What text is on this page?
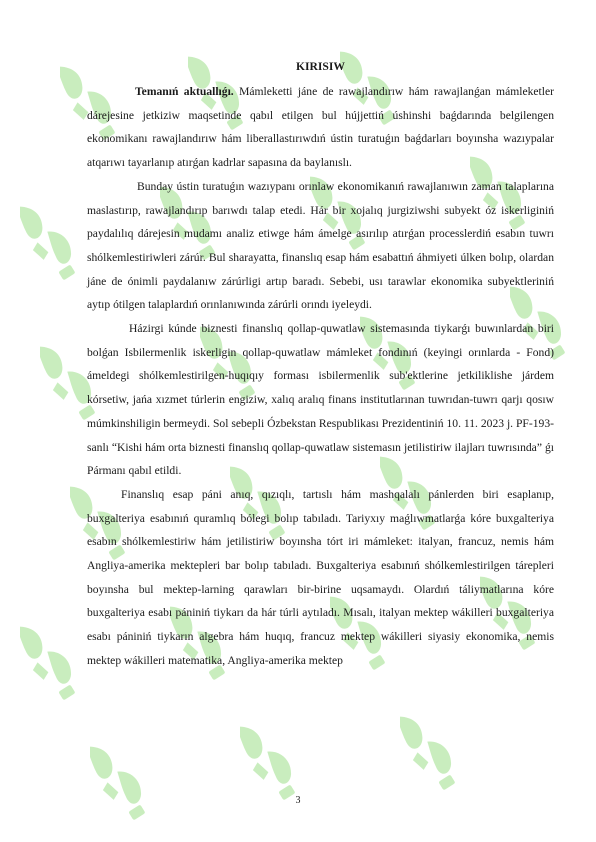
KIRISIW

Temanıń aktuallıǵı. Mámleketti jáne de rawajlandırıw hám rawajlanǵan mámleketler dárejesine jetkiziw maqsetinde qabıl etilgen bul hújjettiń úshinshi baǵdarında belgilengen ekonomikanı rawajlandırıw hám liberallastırıwdıń ústin turatuǵın baǵdarları boyınsha wazıypalar atqarıwı tayarlanıp atırǵan kadrlar sapasına da baylanıslı.

Bunday ústin turatuǵın wazıypanı orınlaw ekonomikanıń rawajlanıwın zaman talaplarına maslastırıp, rawajlandırıp barıwdı talap etedi. Hár bir xojalıq jurgiziwshi subyekt óz iskerliginiń paydalılıq dárejesin mudamı analiz etiwge hám ámelge asırılıp atırǵan processlerdiń esabın tuwrı shólkemlestiriwleri zárúr. Bul sharayatta, finanslıq esap hám esabattıń áhmiyeti úlken bolıp, olardan jáne de ónimli paydalanıw zárúrligi artıp baradı. Sebebi, usı tarawlar ekonomika subyektleriniń aytıp ótilgen talaplardıń orınlanıwında zárúrli orındı iyeleydi.

Házirgi kúnde biznesti finanslıq qollap-quwatlaw sistemasında tiykarǵı buwınlardan biri bolǵan Isbilermenlik iskerligin qollap-quwatlaw mámleket fondınıń (keyingi orınlarda - Fond) ámeldegi shólkemlestirilgen-huqıqıy forması isbilermenlik sub'ektlerine jetkiliklishe járdem kórsetiw, jańa xızmet túrlerin engiziw, xalıq aralıq finans institutlarınan tuwrıdan-tuwrı qarjı qosıw múmkinshiligin bermeydi. Sol sebepli Ózbekstan Respublikası Prezidentiniń 10. 11. 2023 j. PF-193-sanlı “Kishi hám orta biznesti finanslıq qollap-quwatlaw sistemasın jetilistiriw ilajları tuwrısında” ǵı Pármanı qabıl etildi.

Finanslıq esap páni anıq, qızıqlı, tartıslı hám mashqalalı pánlerden biri esaplanıp, buxgalteriya esabınıń quramlıq bólegi bolıp tabıladı. Tariyxıy maǵlıwmatlarǵa kóre buxgalteriya esabın shólkemlestiriw hám jetilistiriw boyınsha tórt iri mámleket: italyan, francuz, nemis hám Angliya-amerika mektepleri bar bolıp tabıladı. Buxgalteriya esabınıń shólkemlestirilgen tárepleri boyınsha bul mektep-larning qarawları bir-birine uqsamaydı. Olardıń táliymatlarına kóre buxgalteriya esabı pániniń tiykarı da hár túrli aytıladı. Mısalı, italyan mektep wákilleri buxgalteriya esabı pániniń tiykarın algebra hám huqıq, francuz mektep wákilleri siyasiy ekonomika, nemis mektep wákilleri matematika, Angliya-amerika mektep

3
